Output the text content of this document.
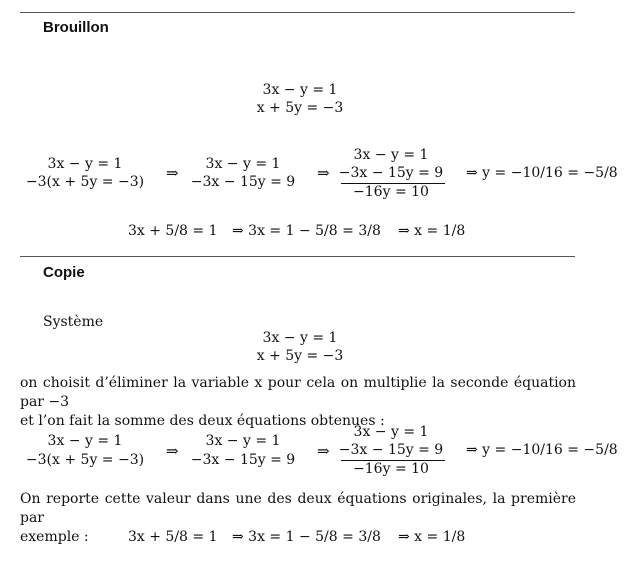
Brouillon
3x − y = 1
x + 5y = −3
3x − y = 1
−3(x + 5y = −3)	⇒	3x − y = 1
−3x − 15y = 9 ⇒
3x − y = 1
−3x − 15y = 9
−16y = 10
⇒ y = −10/16 = −5/8
3x + 5/8 = 1 ⇒ 3x = 1 − 5/8 = 3/8 ⇒ x = 1/8
Copie
Système
3x − y = 1
x + 5y = −3
on choisit d’éliminer la variable x pour cela on multiplie la seconde équation par −3
et l’on fait la somme des deux équations obtenues :
3x − y = 1
−3(x + 5y = −3)	⇒
3x − y = 1
−3x − 15y = 9 ⇒
3x − y = 1
−3x − 15y = 9
−16y = 10
⇒ y = −10/16 = −5/8
On reporte cette valeur dans une des deux équations originales, la première par
exemple :	3x + 5/8 = 1 ⇒ 3x = 1 − 5/8 = 3/8 ⇒ x = 1/8
